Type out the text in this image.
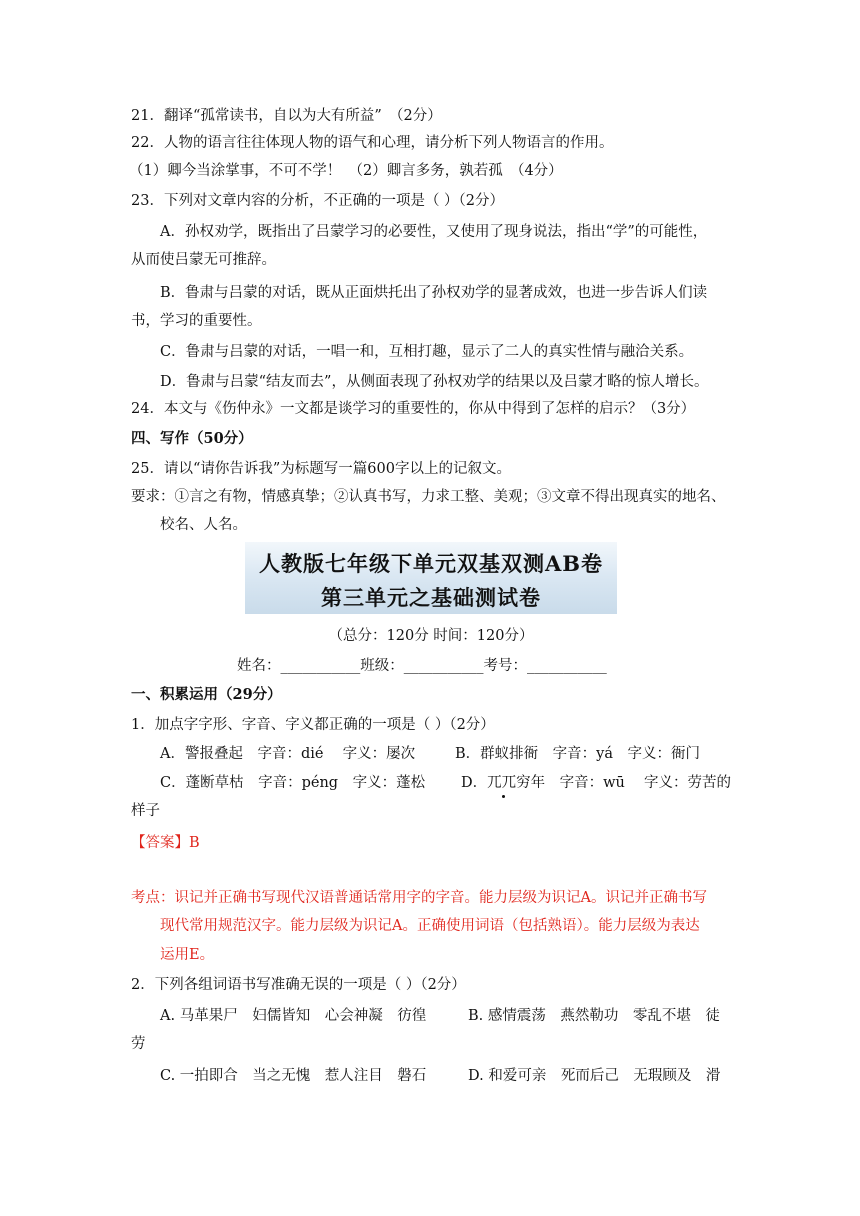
21．翻译“孤常读书，自以为大有所益”　（2分）
22．人物的语言往往体现人物的语气和心理，请分析下列人物语言的作用。
（1）卿今当涂掌事，不可不学！　（2）卿言多务，孰若孤　（4分）
23．下列对文章内容的分析，不正确的一项是（ ）（2分）
A．孙权劝学，既指出了吕蒙学习的必要性，又使用了现身说法，指出“学”的可能性，
从而使吕蒙无可推辞。
B．鲁肃与吕蒙的对话，既从正面烘托出了孙权劝学的显著成效，也进一步告诉人们读
书，学习的重要性。
C．鲁肃与吕蒙的对话，一唱一和，互相打趣，显示了二人的真实性情与融洽关系。
D．鲁肃与吕蒙“结友而去”，从侧面表现了孙权劝学的结果以及吕蒙才略的惊人增长。
24．本文与《伤仲永》一文都是谈学习的重要性的，你从中得到了怎样的启示？（3分）
四、写作（50分）
25．请以“请你告诉我”为标题写一篇600字以上的记叙文。
要求：①言之有物，情感真挚；②认真书写，力求工整、美观；③文章不得出现真实的地名、
校名、人名。
人教版七年级下单元双基双测AB卷
第三单元之基础测试卷
（总分：120分 时间：120分）
姓名：___________班级：___________考号：___________
一、积累运用（29分）
1．加点字字形、字音、字义都正确的一项是（ ）（2分）
A．警报叠起　字音：dié　 字义：屡次	B．群蚁排衙　字音：yá　字义：衙门
C．蓬断草枯　字音：péng　字义：蓬松	D．兀兀穷年　字音：wū　 字义：劳苦的
样子
【答案】B
考点：识记并正确书写现代汉语普通话常用字的字音。能力层级为识记A。识记并正确书写
现代常用规范汉字。能力层级为识记A。正确使用词语（包括熟语）。能力层级为表达
运用E。
2．下列各组词语书写准确无误的一项是（ ）（2分）
A. 马革果尸　妇儒皆知　心会神凝　彷徨	B. 感情震荡　燕然勒功　零乱不堪　徒
劳
C. 一拍即合　当之无愧　惹人注目　磐石	D. 和爱可亲　死而后己　无瑕顾及　滑
